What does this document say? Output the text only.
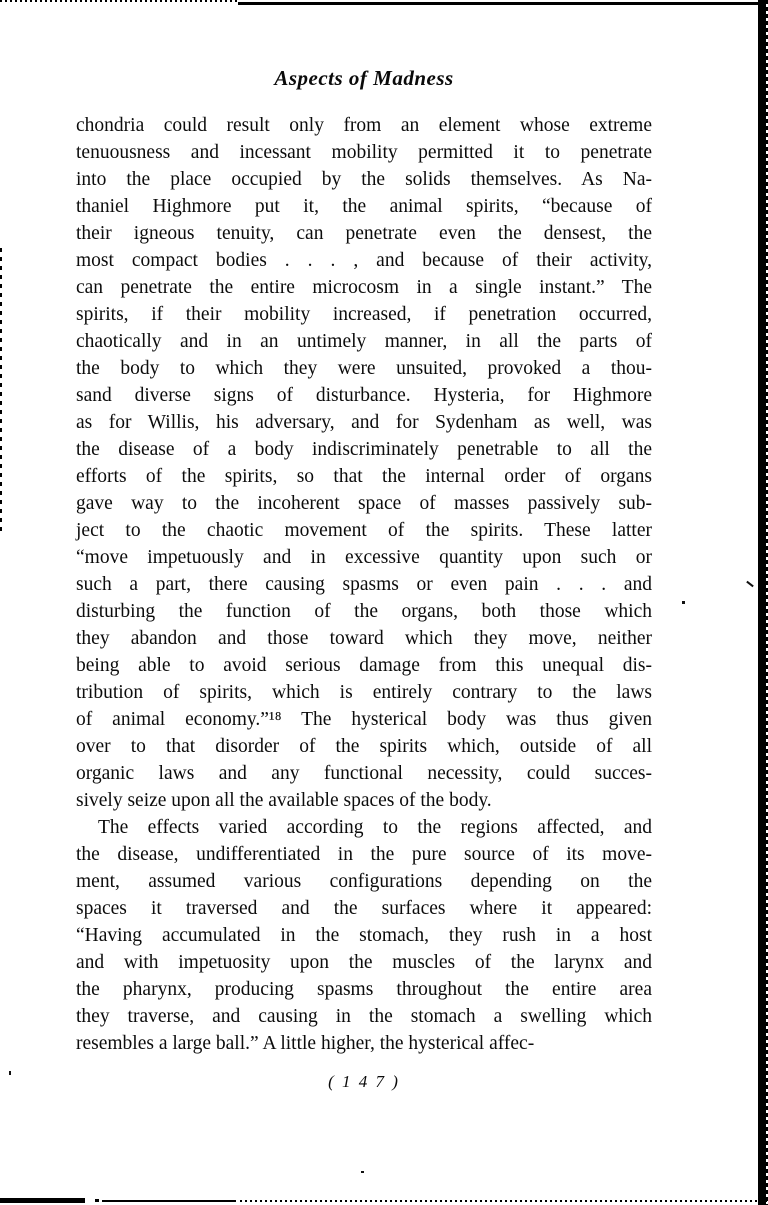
Aspects of Madness
chondria could result only from an element whose extreme
tenuousness and incessant mobility permitted it to penetrate
into the place occupied by the solids themselves. As Na-
thaniel Highmore put it, the animal spirits, “because of
their igneous tenuity, can penetrate even the densest, the
most compact bodies . . . , and because of their activity,
can penetrate the entire microcosm in a single instant.” The
spirits, if their mobility increased, if penetration occurred,
chaotically and in an untimely manner, in all the parts of
the body to which they were unsuited, provoked a thou-
sand diverse signs of disturbance. Hysteria, for Highmore
as for Willis, his adversary, and for Sydenham as well, was
the disease of a body indiscriminately penetrable to all the
efforts of the spirits, so that the internal order of organs
gave way to the incoherent space of masses passively sub-
ject to the chaotic movement of the spirits. These latter
“move impetuously and in excessive quantity upon such or
such a part, there causing spasms or even pain . . . and
disturbing the function of the organs, both those which
they abandon and those toward which they move, neither
being able to avoid serious damage from this unequal dis-
tribution of spirits, which is entirely contrary to the laws
of animal economy.”¹⁸ The hysterical body was thus given
over to that disorder of the spirits which, outside of all
organic laws and any functional necessity, could succes-
sively seize upon all the available spaces of the body.
The effects varied according to the regions affected, and
the disease, undifferentiated in the pure source of its move-
ment, assumed various configurations depending on the
spaces it traversed and the surfaces where it appeared:
“Having accumulated in the stomach, they rush in a host
and with impetuosity upon the muscles of the larynx and
the pharynx, producing spasms throughout the entire area
they traverse, and causing in the stomach a swelling which
resembles a large ball.” A little higher, the hysterical affec-
( 1 4 7 )
